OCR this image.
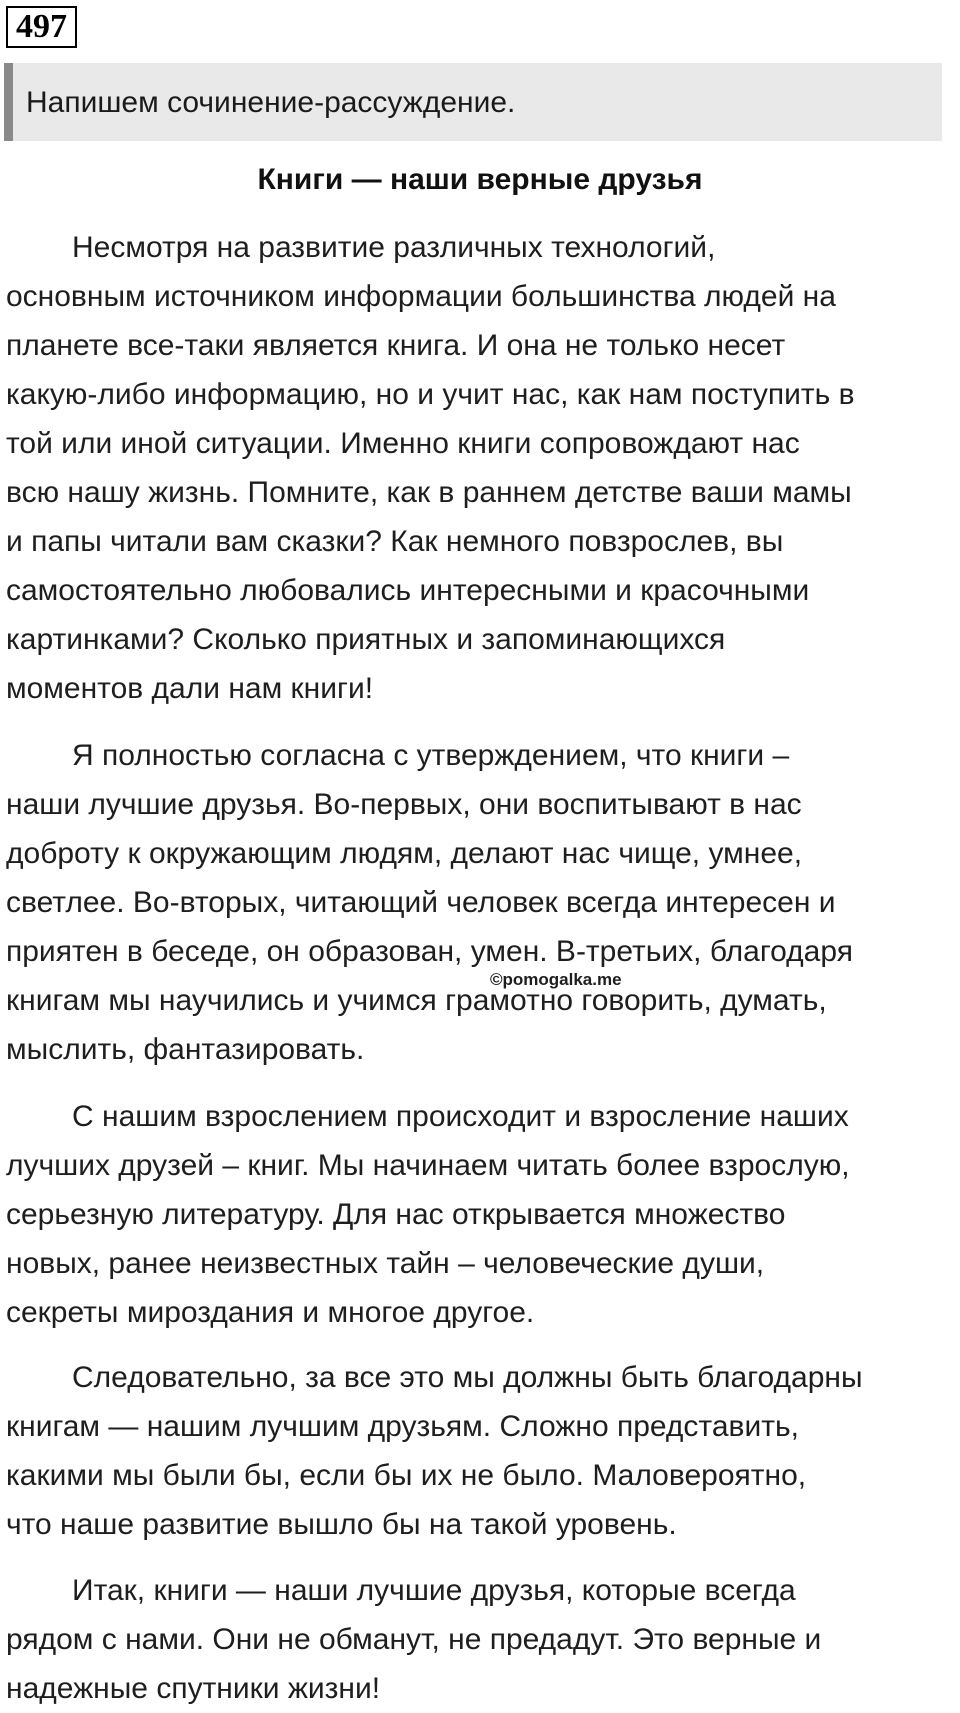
497
Напишем сочинение-рассуждение.
Книги — наши верные друзья
Несмотря на развитие различных технологий,
основным источником информации большинства людей на
планете все-таки является книга. И она не только несет
какую-либо информацию, но и учит нас, как нам поступить в
той или иной ситуации. Именно книги сопровождают нас
всю нашу жизнь. Помните, как в раннем детстве ваши мамы
и папы читали вам сказки? Как немного повзрослев, вы
самостоятельно любовались интересными и красочными
картинками? Сколько приятных и запоминающихся
моментов дали нам книги!
Я полностью согласна с утверждением, что книги –
наши лучшие друзья. Во-первых, они воспитывают в нас
доброту к окружающим людям, делают нас чище, умнее,
светлее. Во-вторых, читающий человек всегда интересен и
приятен в беседе, он образован, умен. В-третьих, благодаря
книгам мы научились и учимся грамотно говорить, думать,
мыслить, фантазировать.
©pomogalka.me
С нашим взрослением происходит и взросление наших
лучших друзей – книг. Мы начинаем читать более взрослую,
серьезную литературу. Для нас открывается множество
новых, ранее неизвестных тайн – человеческие души,
секреты мироздания и многое другое.
Следовательно, за все это мы должны быть благодарны
книгам — нашим лучшим друзьям. Сложно представить,
какими мы были бы, если бы их не было. Маловероятно,
что наше развитие вышло бы на такой уровень.
Итак, книги — наши лучшие друзья, которые всегда
рядом с нами. Они не обманут, не предадут. Это верные и
надежные спутники жизни!
